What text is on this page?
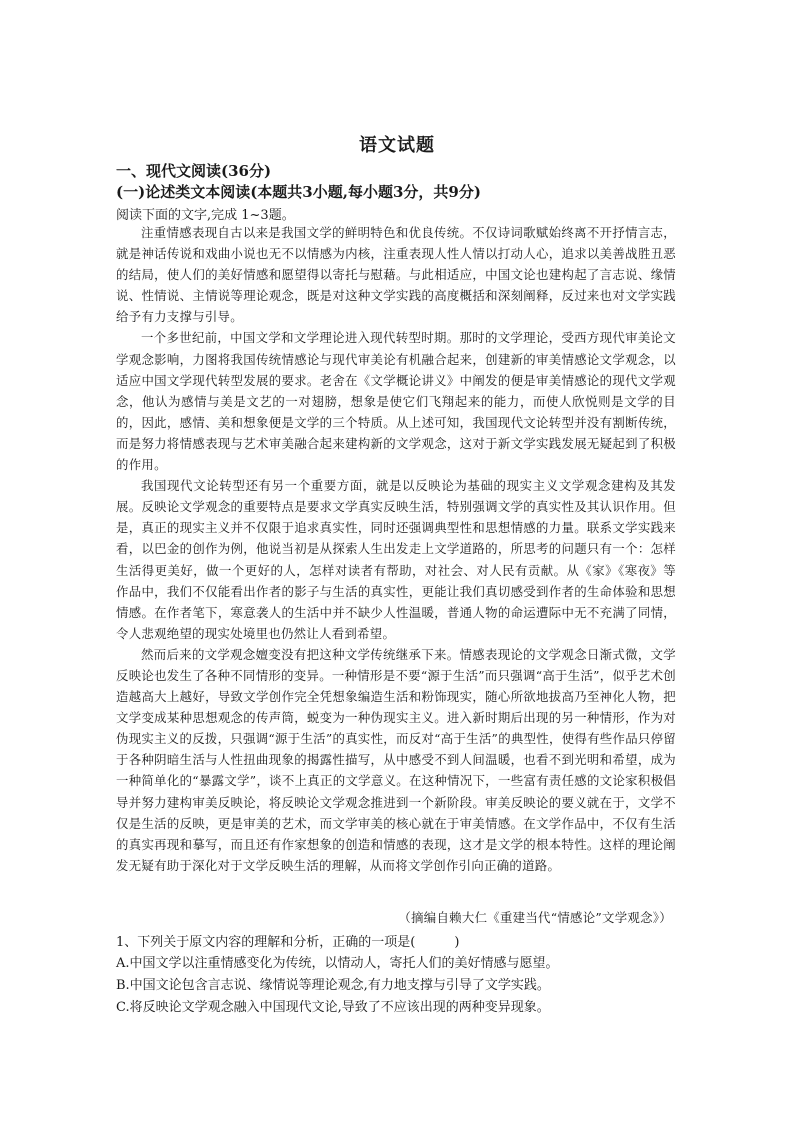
语文试题
一、现代文阅读(36分)
(一)论述类文本阅读(本题共3小题,每小题3分，共9分)
阅读下面的文字,完成 1~3题。

注重情感表现自古以来是我国文学的鲜明特色和优良传统。不仅诗词歌赋始终离不开抒情言志，就是神话传说和戏曲小说也无不以情感为内核，注重表现人性人情以打动人心，追求以美善战胜丑恶的结局，使人们的美好情感和愿望得以寄托与慰藉。与此相适应，中国文论也建构起了言志说、缘情说、性情说、主情说等理论观念，既是对这种文学实践的高度概括和深刻阐释，反过来也对文学实践给予有力支撑与引导。

一个多世纪前，中国文学和文学理论进入现代转型时期。那时的文学理论，受西方现代审美论文学观念影响，力图将我国传统情感论与现代审美论有机融合起来，创建新的审美情感论文学观念，以适应中国文学现代转型发展的要求。老舍在《文学概论讲义》中阐发的便是审美情感论的现代文学观念，他认为感情与美是文艺的一对翅膀，想象是使它们飞翔起来的能力，而使人欣悦则是文学的目的，因此，感情、美和想象便是文学的三个特质。从上述可知，我国现代文论转型并没有割断传统，而是努力将情感表现与艺术审美融合起来建构新的文学观念，这对于新文学实践发展无疑起到了积极的作用。

我国现代文论转型还有另一个重要方面，就是以反映论为基础的现实主义文学观念建构及其发展。反映论文学观念的重要特点是要求文学真实反映生活，特别强调文学的真实性及其认识作用。但是，真正的现实主义并不仅限于追求真实性，同时还强调典型性和思想情感的力量。联系文学实践来看，以巴金的创作为例，他说当初是从探索人生出发走上文学道路的，所思考的问题只有一个：怎样生活得更美好，做一个更好的人，怎样对读者有帮助，对社会、对人民有贡献。从《家》《寒夜》等作品中，我们不仅能看出作者的影子与生活的真实性，更能让我们真切感受到作者的生命体验和思想情感。在作者笔下，寒意袭人的生活中并不缺少人性温暖，普通人物的命运遭际中无不充满了同情，令人悲观绝望的现实处境里也仍然让人看到希望。

然而后来的文学观念嬗变没有把这种文学传统继承下来。情感表现论的文学观念日渐式微，文学反映论也发生了各种不同情形的变异。一种情形是不要“源于生活”而只强调“高于生活”，似乎艺术创造越高大上越好，导致文学创作完全凭想象编造生活和粉饰现实，随心所欲地拔高乃至神化人物，把文学变成某种思想观念的传声筒，蜕变为一种伪现实主义。进入新时期后出现的另一种情形，作为对伪现实主义的反拨，只强调“源于生活”的真实性，而反对“高于生活”的典型性，使得有些作品只停留于各种阴暗生活与人性扭曲现象的揭露性描写，从中感受不到人间温暖，也看不到光明和希望，成为一种简单化的“暴露文学”，谈不上真正的文学意义。在这种情况下，一些富有责任感的文论家积极倡导并努力建构审美反映论，将反映论文学观念推进到一个新阶段。审美反映论的要义就在于，文学不仅是生活的反映，更是审美的艺术，而文学审美的核心就在于审美情感。在文学作品中，不仅有生活的真实再现和摹写，而且还有作家想象的创造和情感的表现，这才是文学的根本特性。这样的理论阐发无疑有助于深化对于文学反映生活的理解，从而将文学创作引向正确的道路。

（摘编自赖大仁《重建当代“情感论”文学观念》）
1、下列关于原文内容的理解和分析，正确的一项是(　　　)
A.中国文学以注重情感变化为传统，以情动人，寄托人们的美好情感与愿望。
B.中国文论包含言志说、缘情说等理论观念,有力地支撑与引导了文学实践。
C.将反映论文学观念融入中国现代文论,导致了不应该出现的两种变异现象。
